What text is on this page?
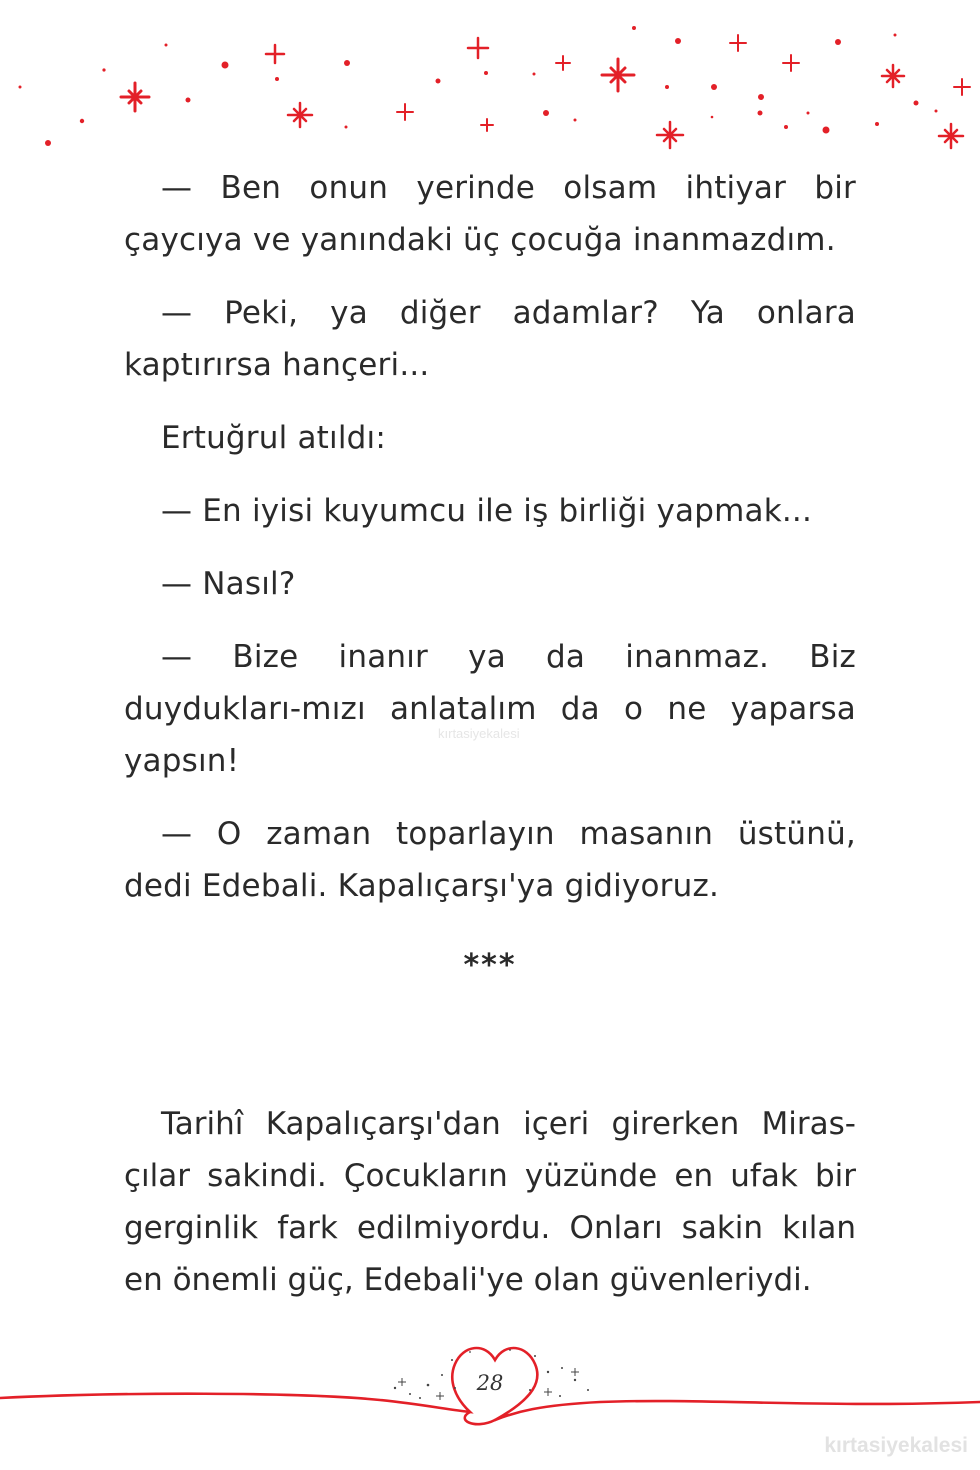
— Ben onun yerinde olsam ihtiyar bir çaycıya ve yanındaki üç çocuğa inanmazdım.

— Peki, ya diğer adamlar? Ya onlara kaptırırsa hançeri...

Ertuğrul atıldı:

— En iyisi kuyumcu ile iş birliği yapmak...

— Nasıl?

— Bize inanır ya da inanmaz. Biz duydukları-mızı anlatalım da o ne yaparsa yapsın!

— O zaman toparlayın masanın üstünü, dedi Edebali. Kapalıçarşı'ya gidiyoruz.

kırtasiyekalesi
***

Tarihî Kapalıçarşı'dan içeri girerken Miras-çılar sakindi. Çocukların yüzünde en ufak bir gerginlik fark edilmiyordu. Onları sakin kılan en önemli güç, Edebali'ye olan güvenleriydi.

28
kırtasiyekalesi
